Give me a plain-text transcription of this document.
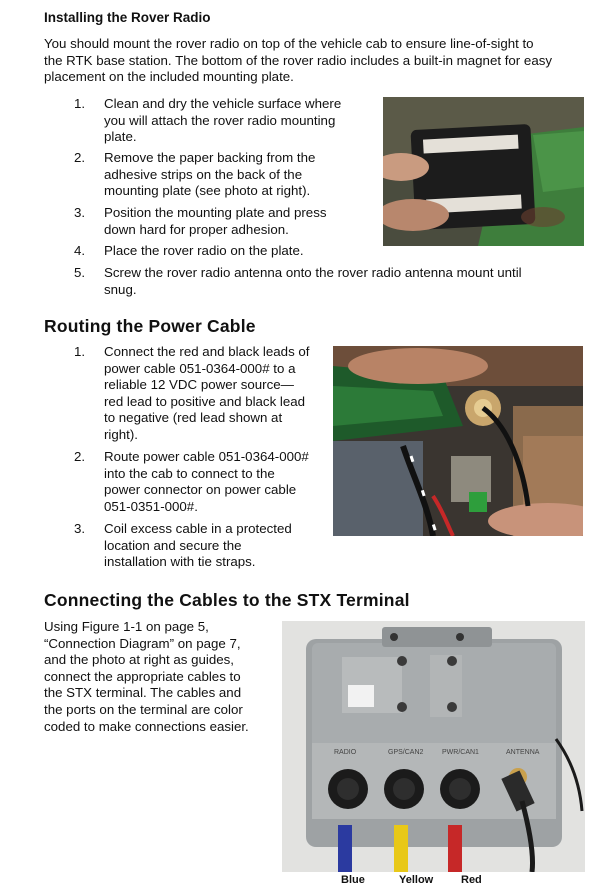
Installing the Rover Radio
You should mount the rover radio on top of the vehicle cab to ensure line-of-sight to
the RTK base station. The bottom of the rover radio includes a built-in magnet for easy
placement on the included mounting plate.
1.	Clean and dry the vehicle surface where
you will attach the rover radio mounting
plate.
2.	Remove the paper backing from the
adhesive strips on the back of the
mounting plate (see photo at right).
3.	Position the mounting plate and press
down hard for proper adhesion.
4.	Place the rover radio on the plate.
5.	Screw the rover radio antenna onto the rover radio antenna mount until
snug.
Routing the Power Cable
1.	Connect the red and black leads of
power cable 051-0364-000# to a
reliable 12 VDC power source—
red lead to positive and black lead
to negative (red lead shown at
right).
2.	Route power cable 051-0364-000#
into the cab to connect to the
power connector on power cable
051-0351-000#.
3.	Coil excess cable in a protected
location and secure the
installation with tie straps.
Connecting the Cables to the STX Terminal
Using Figure 1-1 on page 5,
“Connection Diagram” on page 7,
and the photo at right as guides,
connect the appropriate cables to
the STX terminal. The cables and
the ports on the terminal are color
coded to make connections easier.
RADIO	GPS/CAN2	PWR/CAN1	ANTENNA
Blue	Yellow	Red
